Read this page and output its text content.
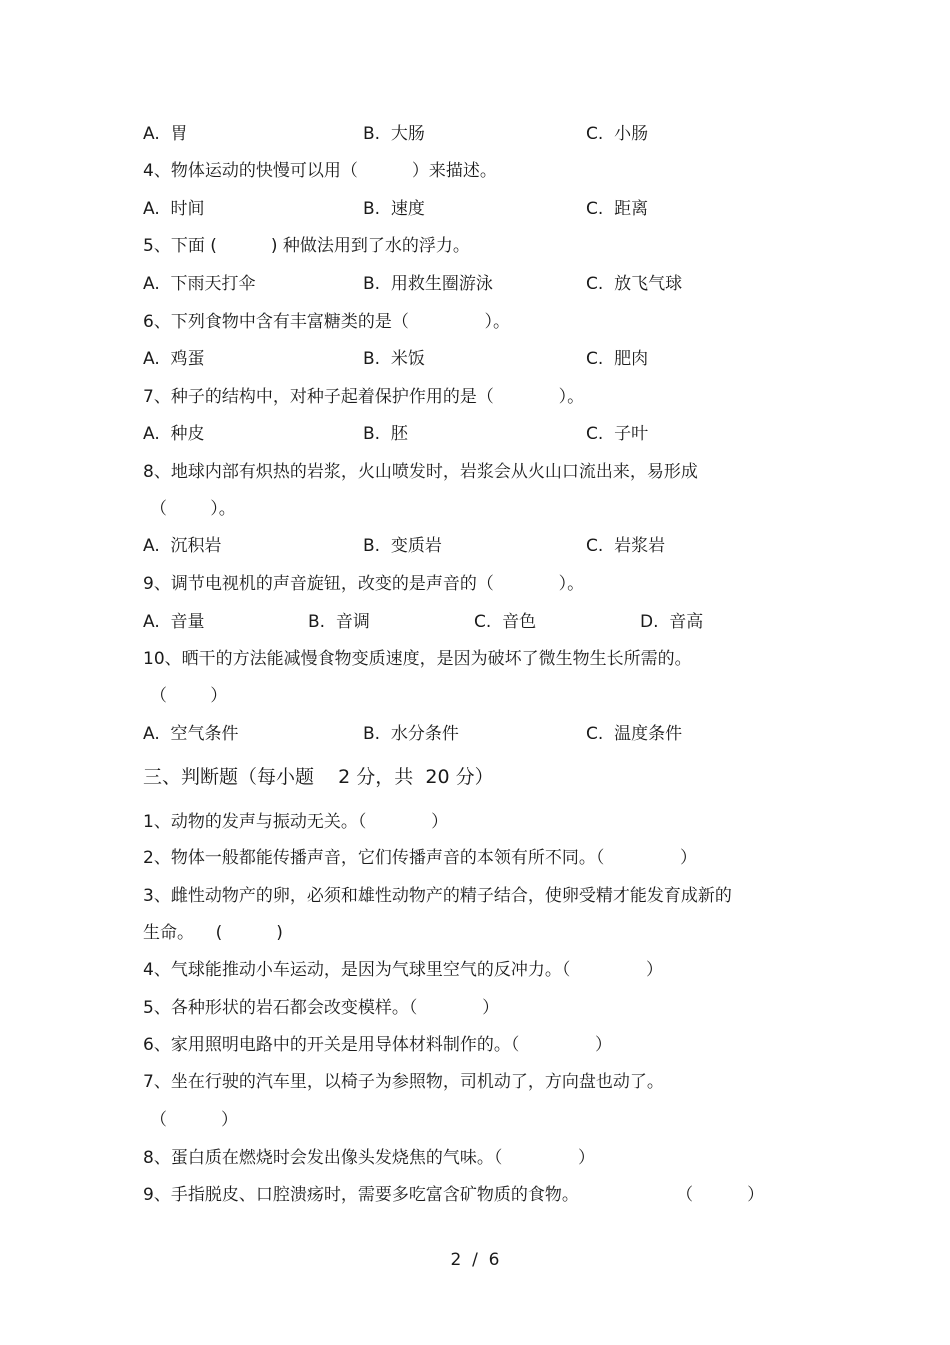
A.  胃

	B.  大肠

	C.  小肠

4、物体运动的快慢可以用（          ）来描述。

A.  时间

	B.  速度

	C.  距离

5、下面 (          ) 种做法用到了水的浮力。

A.  下雨天打伞

	B.  用救生圈游泳

	C.  放飞气球

6、下列食物中含有丰富糖类的是（              ）。

A.  鸡蛋

	B.  米饭

	C.  肥肉

7、种子的结构中，对种子起着保护作用的是（            ）。

A.  种皮

	B.  胚

	C.  子叶

8、地球内部有炽热的岩浆，火山喷发时，岩浆会从火山口流出来，易形成

（        ）。

A.  沉积岩

	B.  变质岩

	C.  岩浆岩

9、调节电视机的声音旋钮，改变的是声音的（            ）。

A.  音量

	B.  音调

	C.  音色

	D.  音高

10、晒干的方法能减慢食物变质速度，是因为破坏了微生物生长所需的。

（        ）

A.  空气条件

	B.  水分条件

	C.  温度条件

三、判断题（每小题    2 分，共  20 分）

1、动物的发声与振动无关。（            ）

2、物体一般都能传播声音，它们传播声音的本领有所不同。（              ）

3、雌性动物产的卵，必须和雄性动物产的精子结合，使卵受精才能发育成新的

生命。    (          )

4、气球能推动小车运动，是因为气球里空气的反冲力。（              ）

5、各种形状的岩石都会改变模样。（            ）

6、家用照明电路中的开关是用导体材料制作的。（              ）

7、坐在行驶的汽车里，以椅子为参照物，司机动了，方向盘也动了。

（          ）

8、蛋白质在燃烧时会发出像头发烧焦的气味。（              ）

9、手指脱皮、口腔溃疡时，需要多吃富含矿物质的食物。                  （          ）

2  /  6
